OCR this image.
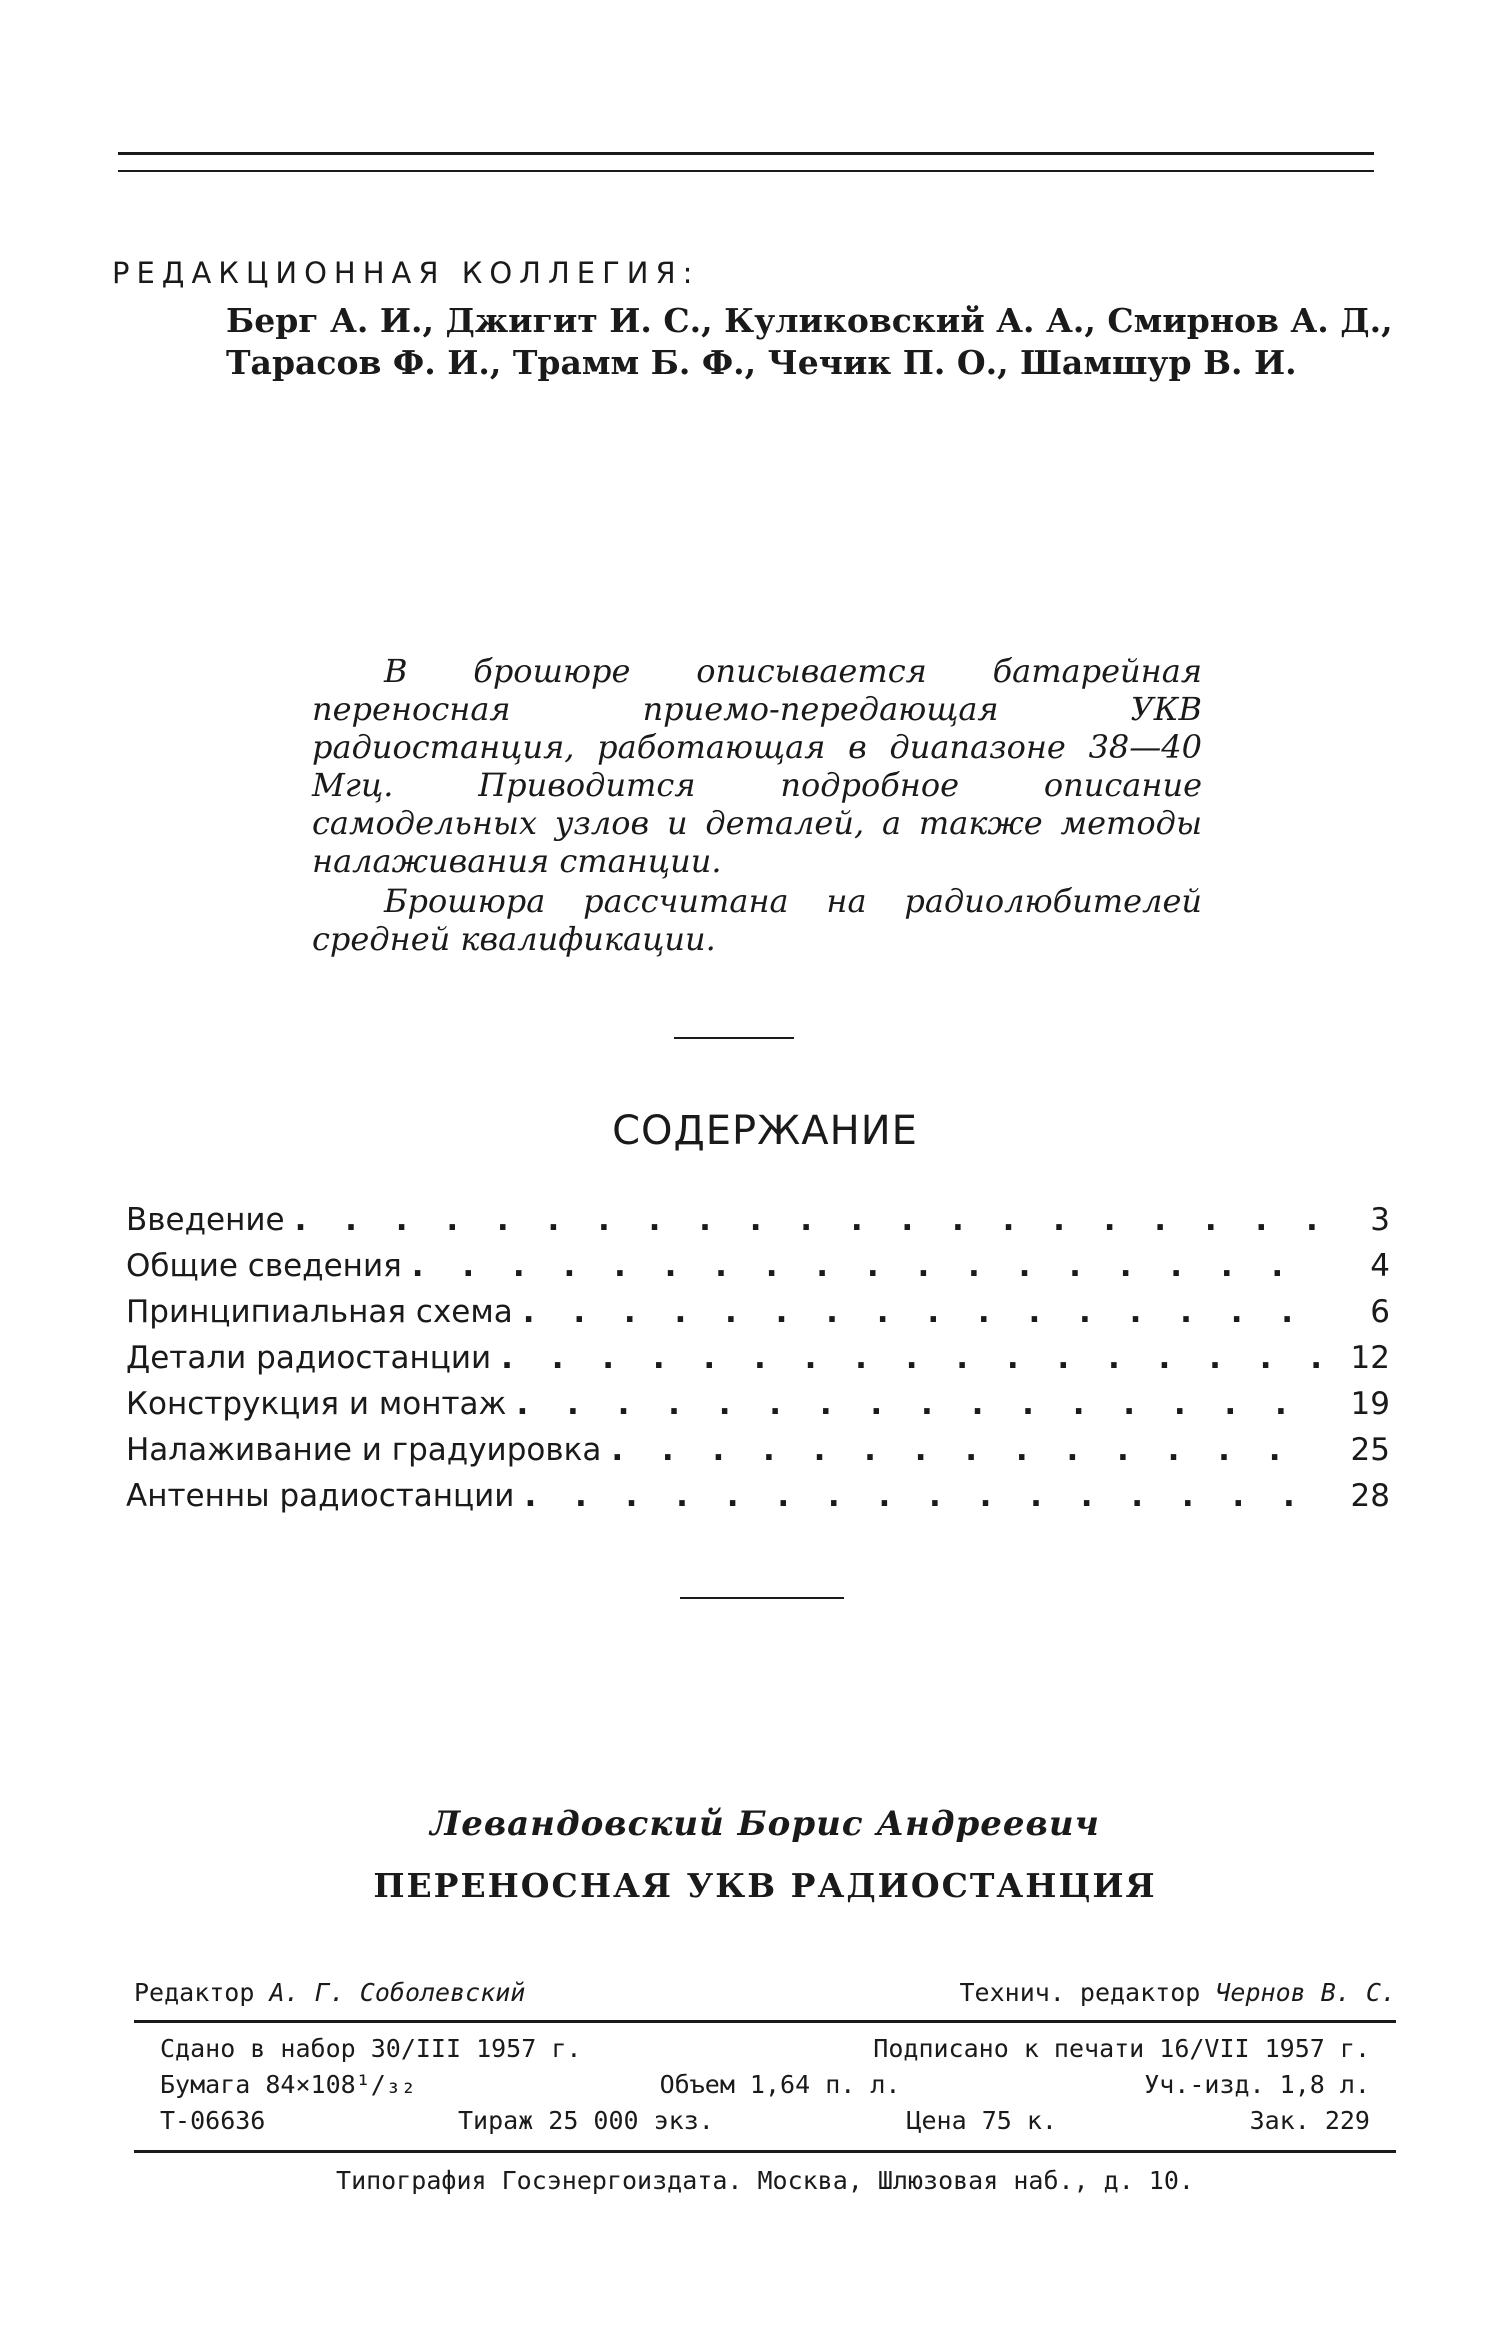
РЕДАКЦИОННАЯ КОЛЛЕГИЯ:
Берг А. И., Джигит И. С., Куликовский А. А., Смирнов А. Д.,
Тарасов Ф. И., Трамм Б. Ф., Чечик П. О., Шамшур В. И.

В брошюре описывается батарейная переносная приемо-передающая УКВ радиостанция, работающая в диапазоне 38—40 Мгц. Приводится подробное описание самодельных узлов и деталей, а также методы налаживания станции.

Брошюра рассчитана на радиолюбителей средней квалификации.

СОДЕРЖАНИЕ
Введение . . .	3
Общие сведения . . .	4
Принципиальная схема . . .	6
Детали радиостанции . . .	12
Конструкция и монтаж . . .	19
Налаживание и градуировка . . .	25
Антенны радиостанции . . .	28
Левандовский Борис Андреевич
ПЕРЕНОСНАЯ УКВ РАДИОСТАНЦИЯ
Редактор А. Г. Соболевский	Технич. редактор Чернов В. С.
Сдано в набор 30/III 1957 г.	Подписано к печати 16/VII 1957 г.
Бумага 84×108¹/₃₂	Объем 1,64 п. л.	Уч.-изд. 1,8 л.
Т-06636	Тираж 25 000 экз.	Цена 75 к.	Зак. 229
Типография Госэнергоиздата. Москва, Шлюзовая наб., д. 10.
